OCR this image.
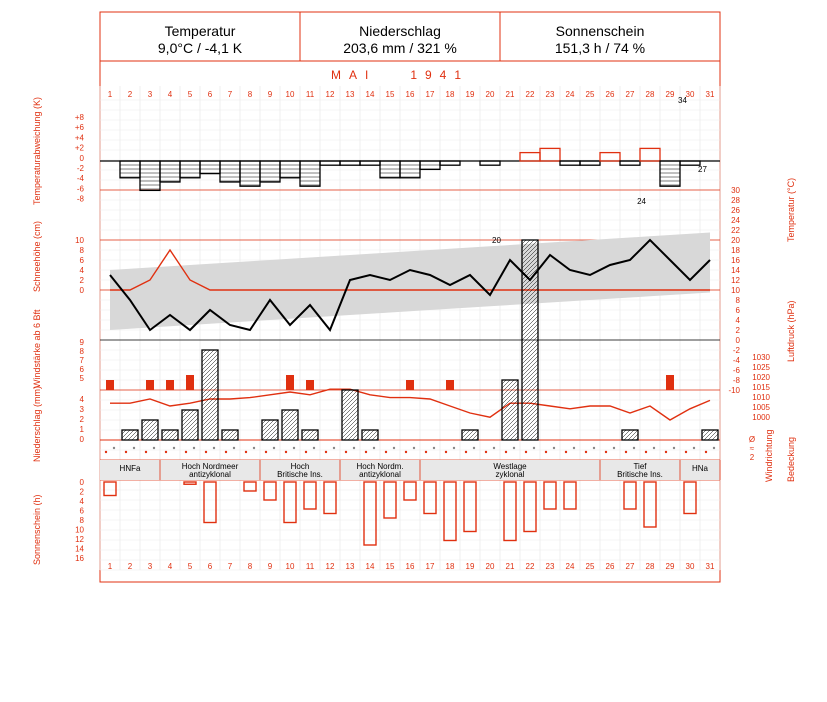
Temperatur
9,0°C / -4,1 K
Niederschlag
203,6 mm / 321 %
Sonnenschein
151,3 h / 74 %
MAI   1941
1
1
2
2
3
3
4
4
5
5
6
6
7
7
8
8
9
9
10
10
11
11
12
12
13
13
14
14
15
15
16
16
17
17
18
18
19
19
20
20
21
21
22
22
23
23
24
24
25
25
26
26
27
27
28
28
29
29
30
30
31
31
+8
+6
+4
+2
0
-2
-4
-6
-8
34
27
10
8
6
4
2
0
20
30
28
26
24
22
20
18
16
14
12
10
8
6
4
2
0
-2
-4
-6
-8
-10
24
9
8
7
6
5
1030
1025
1020
1015
1010
1005
1000
4
3
2
1
0	Ø
≈
2 Windrichtung Bedeckung
HNFa	Hoch Nordmeer
antizyklonal
Hoch
Britische Ins.
Hoch Nordm.
antizyklonal
Westlage
zyklonal
Tief
Britische Ins.
HNa
0
2
4
6
8
10
12
14
16
Temperaturabweichung (K)
Schneehöhe (cm)
Windstärke ab 6 Bft
Niederschlag (mm)
Sonnenschein (h)
Temperatur (°C)
Luftdruck (hPa)
